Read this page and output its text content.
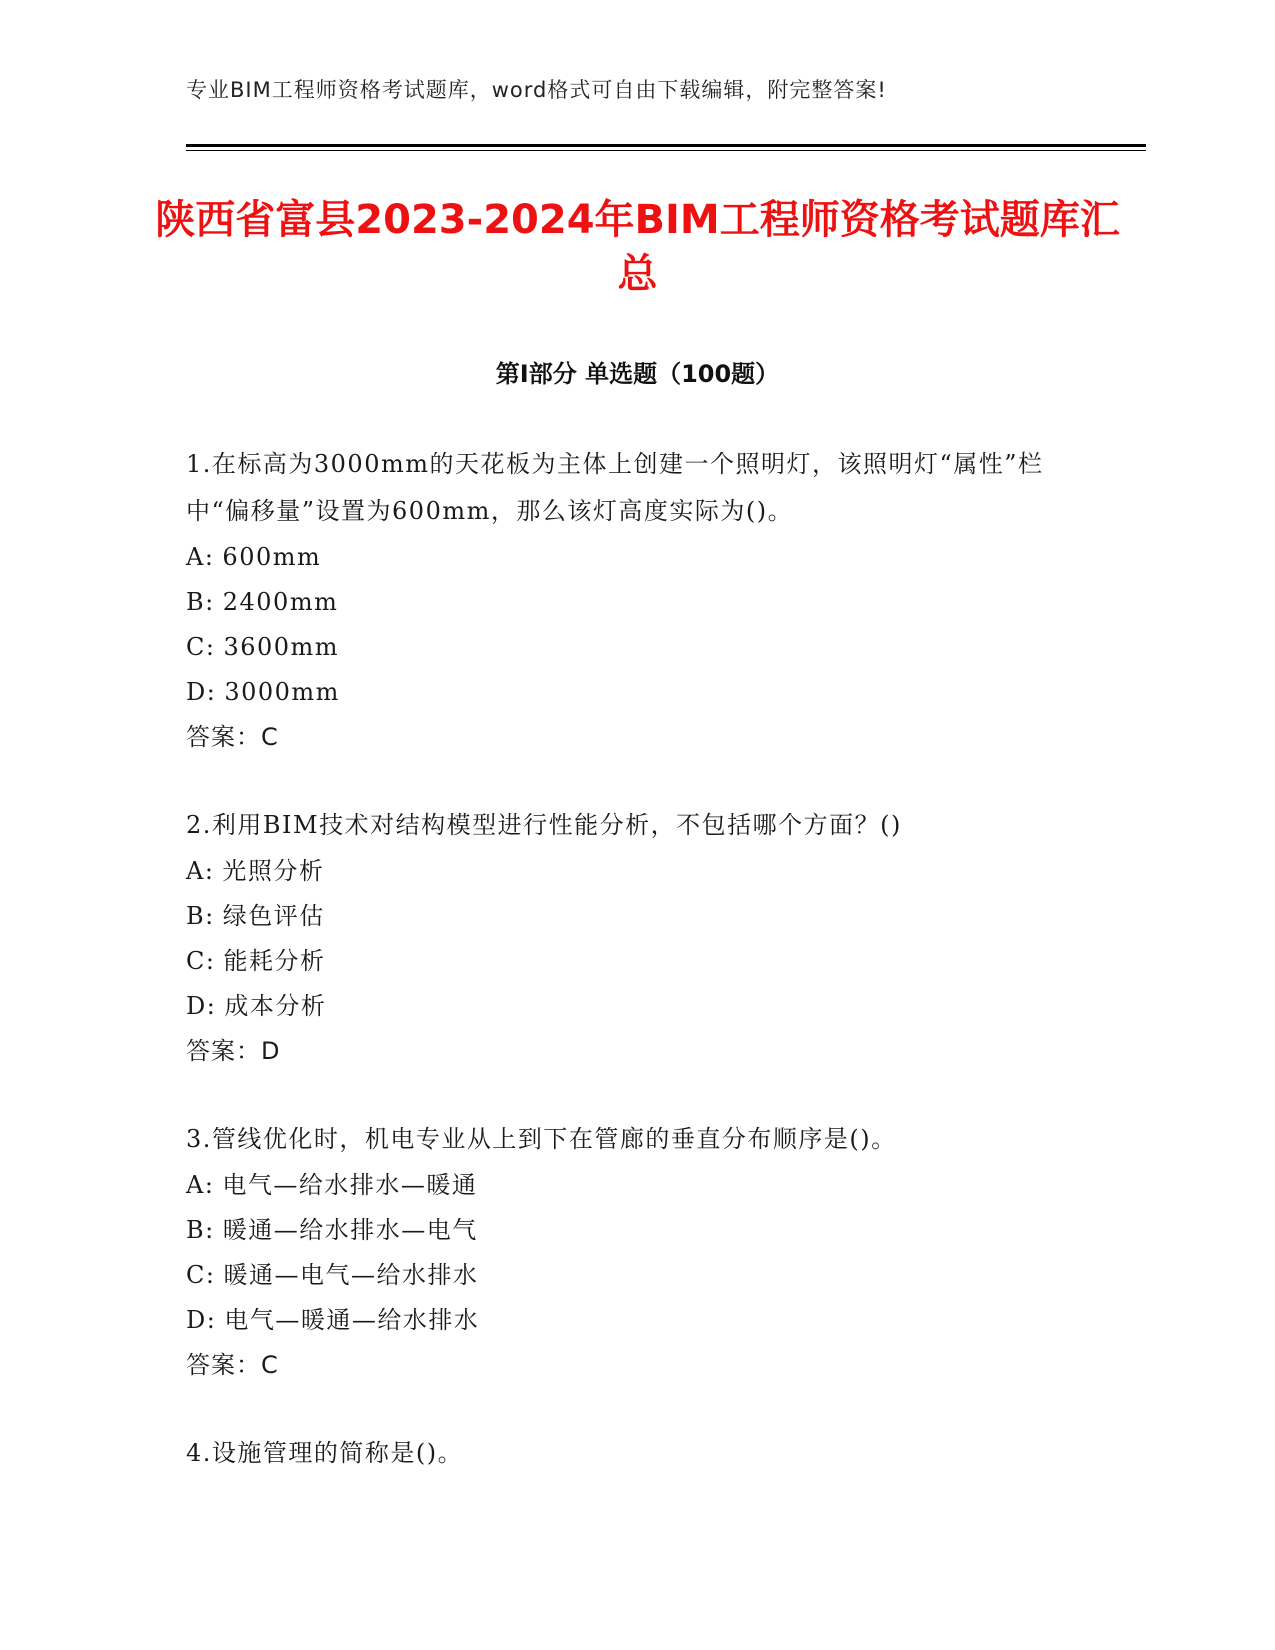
专业BIM工程师资格考试题库，word格式可自由下载编辑，附完整答案!
陕西省富县2023-2024年BIM工程师资格考试题库汇总
第I部分 单选题（100题）
1.在标高为3000mm的天花板为主体上创建一个照明灯，该照明灯“属性”栏中“偏移量”设置为600mm，那么该灯高度实际为()。
A: 600mm
B: 2400mm
C: 3600mm
D: 3000mm
答案：C
2.利用BIM技术对结构模型进行性能分析，不包括哪个方面？()
A: 光照分析
B: 绿色评估
C: 能耗分析
D: 成本分析
答案：D
3.管线优化时，机电专业从上到下在管廊的垂直分布顺序是()。
A: 电气—给水排水—暖通
B: 暖通—给水排水—电气
C: 暖通—电气—给水排水
D: 电气—暖通—给水排水
答案：C
4.设施管理的简称是()。
